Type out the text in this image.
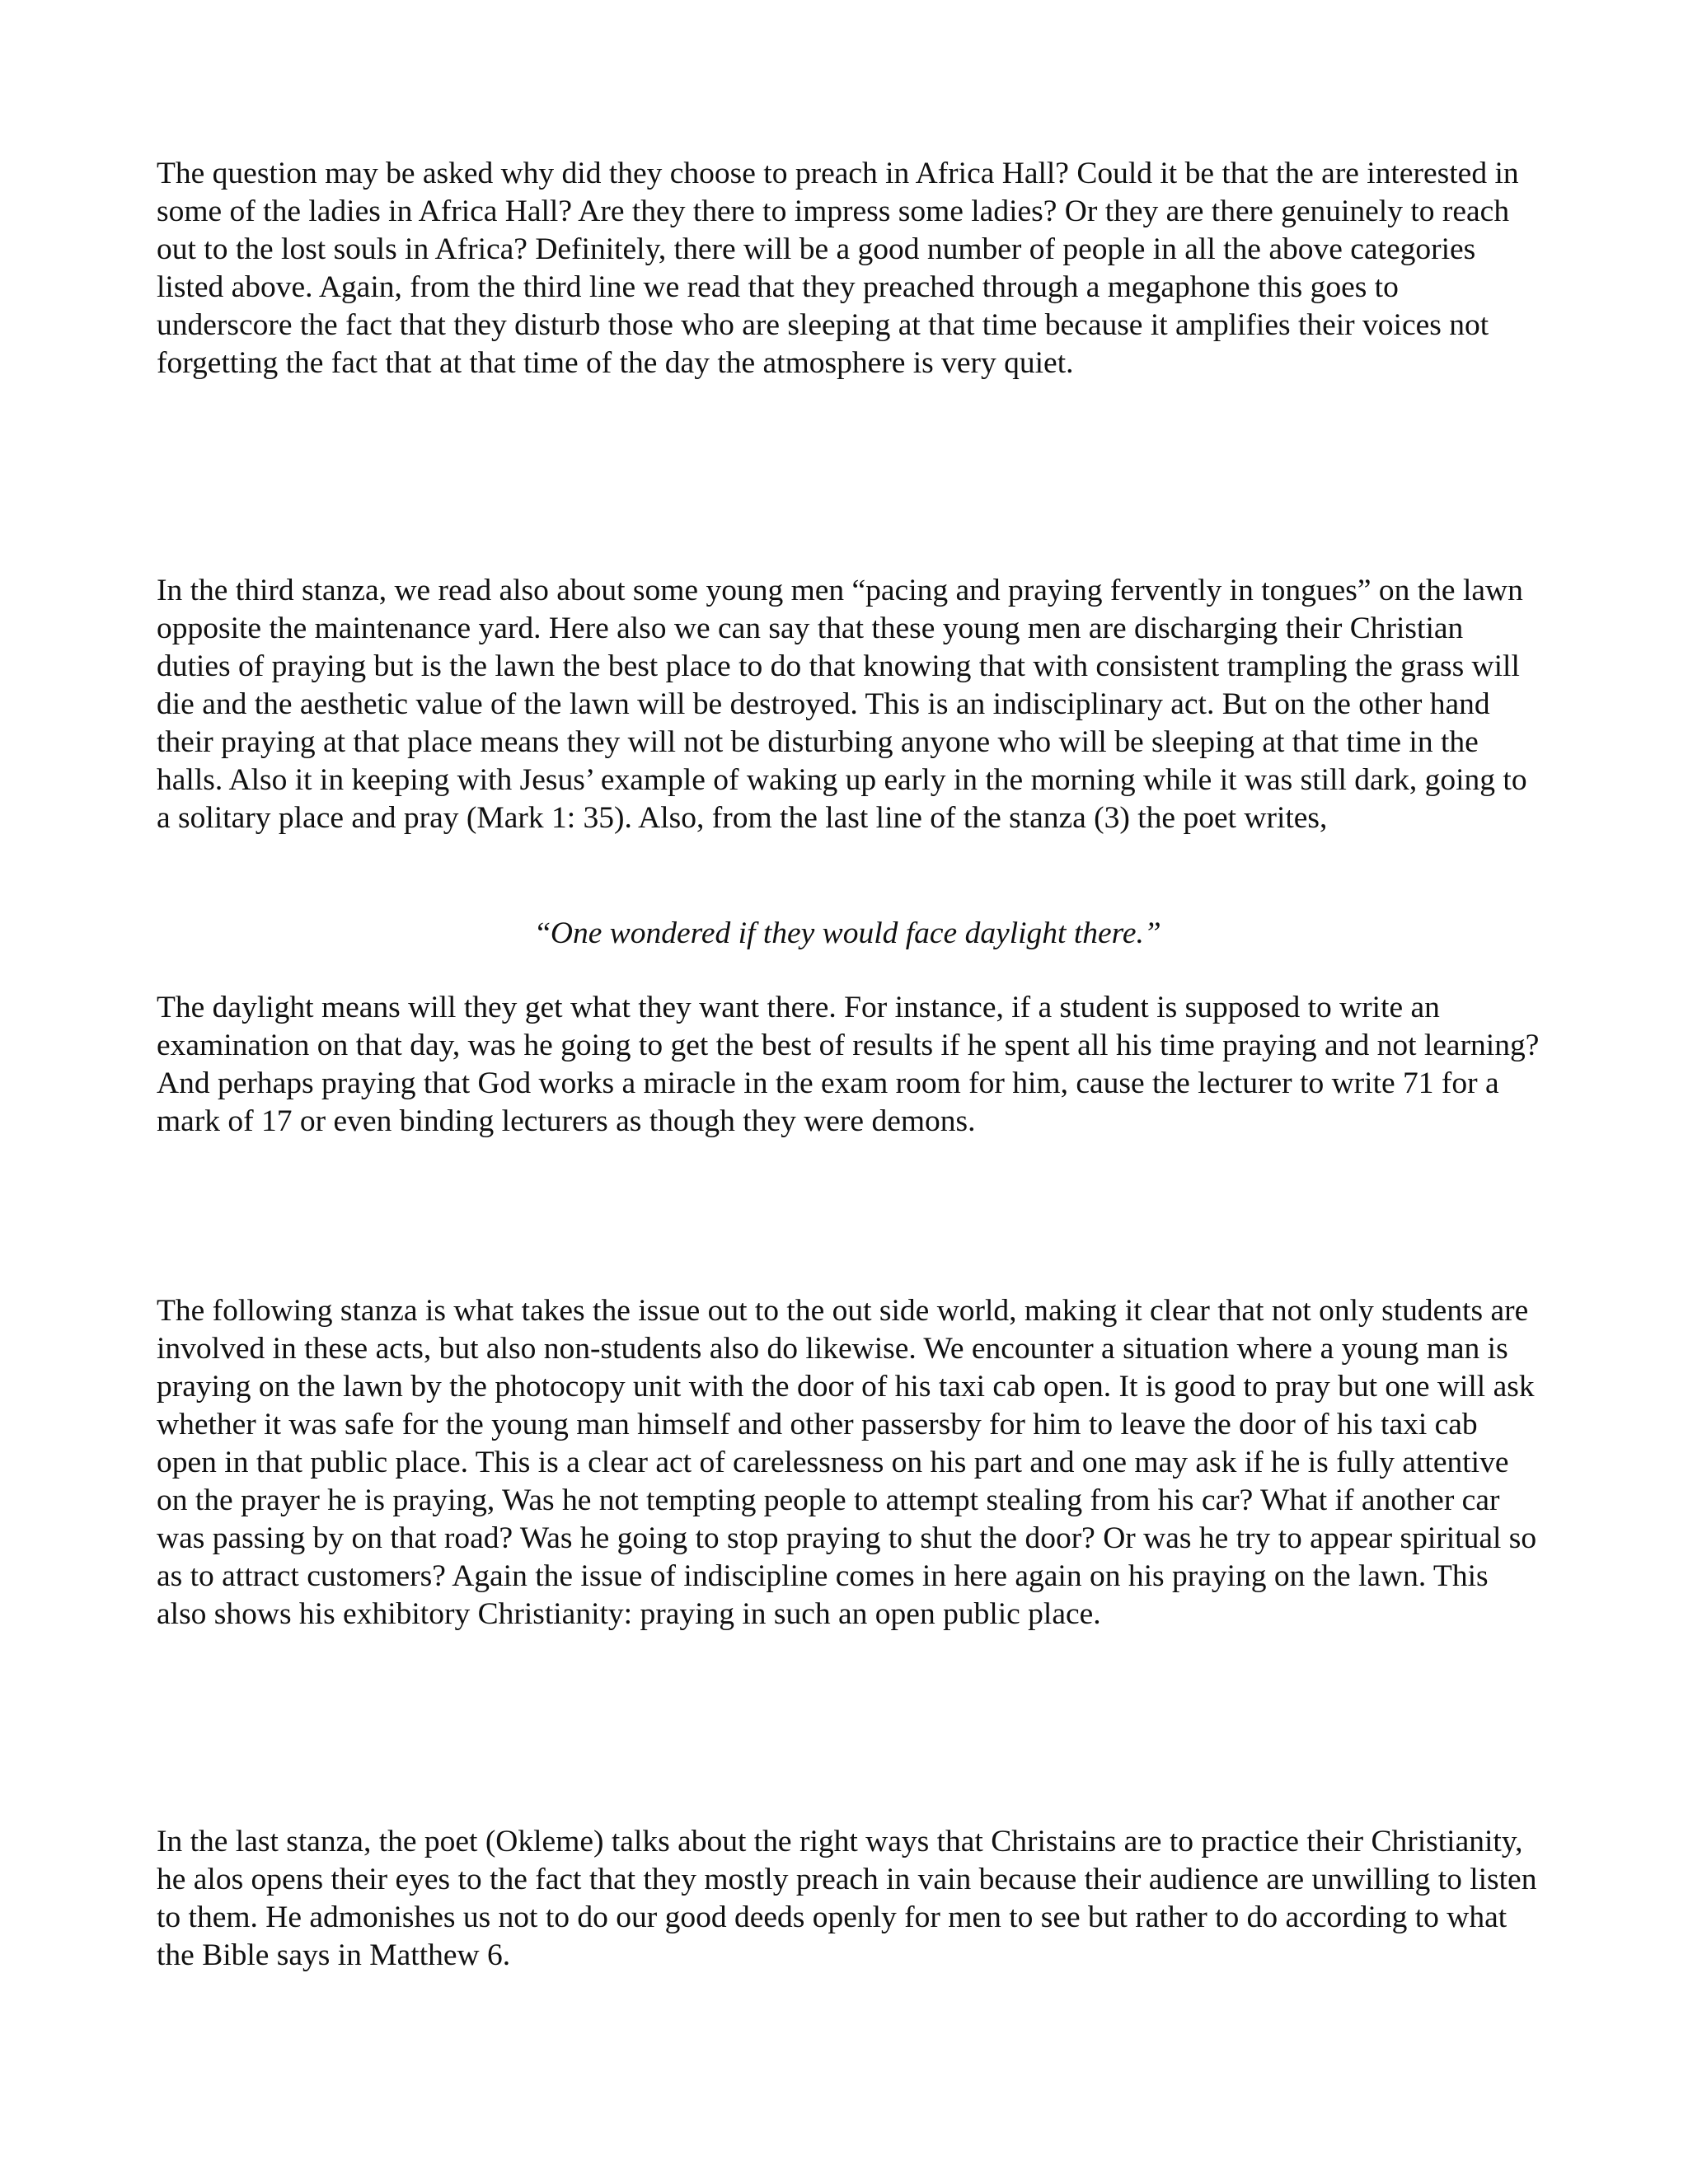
The question may be asked why did they choose to preach in Africa Hall? Could it be that the are interested in some of the ladies in Africa Hall? Are they there to impress some ladies? Or they are there genuinely to reach out to the lost souls in Africa? Definitely, there will be a good number of people in all the above categories listed above. Again, from the third line we read that they preached through a megaphone this goes to underscore the fact that they disturb those who are sleeping at that time because it amplifies their voices not forgetting the fact that at that time of the day the atmosphere is very quiet.

In the third stanza, we read also about some young men “pacing and praying fervently in tongues” on the lawn opposite the maintenance yard. Here also we can say that these young men are discharging their Christian duties of praying but is the lawn the best place to do that knowing that with consistent trampling the grass will die and the aesthetic value of the lawn will be destroyed. This is an indisciplinary act. But on the other hand their praying at that place means they will not be disturbing anyone who will be sleeping at that time in the halls. Also it in keeping with Jesus’ example of waking up early in the morning while it was still dark, going to a solitary place and pray (Mark 1: 35). Also, from the last line of the stanza (3) the poet writes,

“One wondered if they would face daylight there.”

The daylight means will they get what they want there. For instance, if a student is supposed to write an examination on that day, was he going to get the best of results if he spent all his time praying and not learning? And perhaps praying that God works a miracle in the exam room for him, cause the lecturer to write 71 for a mark of 17 or even binding lecturers as though they were demons.

The following stanza is what takes the issue out to the out side world, making it clear that not only students are involved in these acts, but also non-students also do likewise. We encounter a situation where a young man is praying on the lawn by the photocopy unit with the door of his taxi cab open. It is good to pray but one will ask whether it was safe for the young man himself and other passersby for him to leave the door of his taxi cab open in that public place. This is a clear act of carelessness on his part and one may ask if he is fully attentive on the prayer he is praying, Was he not tempting people to attempt stealing from his car? What if another car was passing by on that road? Was he going to stop praying to shut the door? Or was he try to appear spiritual so as to attract customers? Again the issue of indiscipline comes in here again on his praying on the lawn. This also shows his exhibitory Christianity: praying in such an open public place.

In the last stanza, the poet (Okleme) talks about the right ways that Christains are to practice their Christianity, he alos opens their eyes to the fact that they mostly preach in vain because their audience are unwilling to listen to them. He admonishes us not to do our good deeds openly for men to see but rather to do according to what the Bible says in Matthew 6.
